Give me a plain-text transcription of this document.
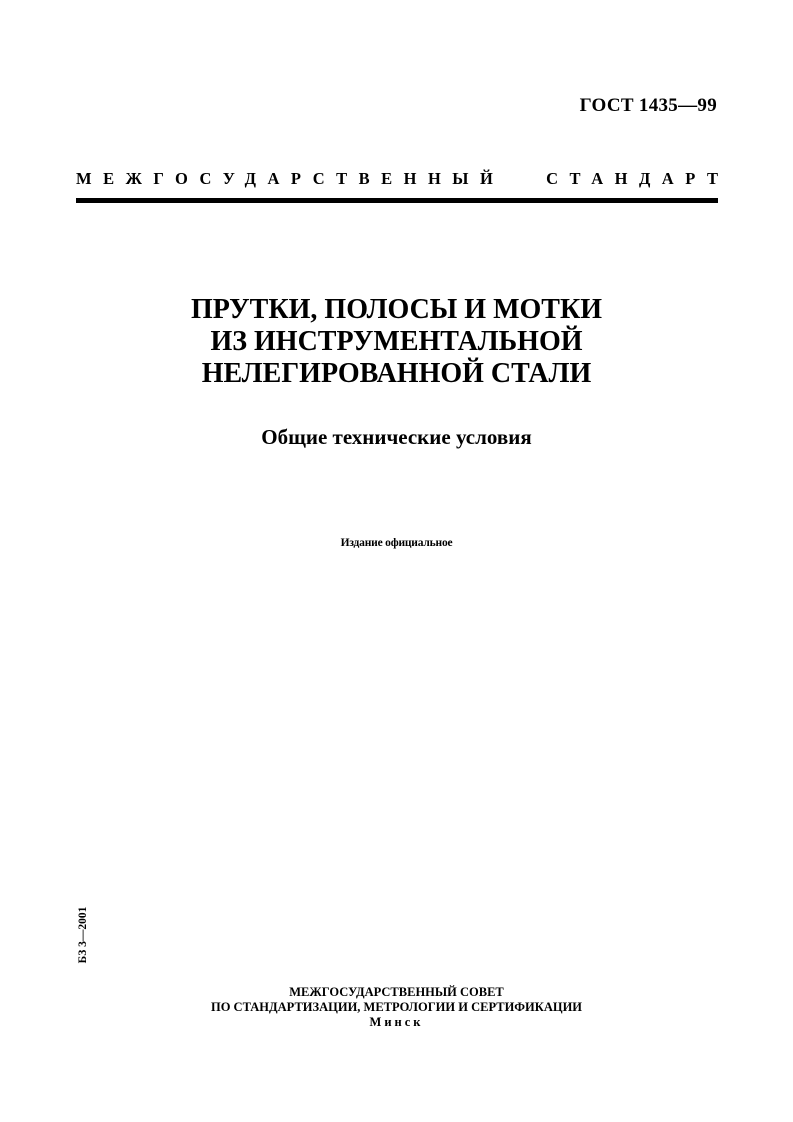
ГОСТ 1435—99
МЕЖГОСУДАРСТВЕННЫЙ	СТАНДАРТ
ПРУТКИ, ПОЛОСЫ И МОТКИ
ИЗ ИНСТРУМЕНТАЛЬНОЙ
НЕЛЕГИРОВАННОЙ СТАЛИ
Общие технические условия
Издание официальное
БЗ 3—2001
МЕЖГОСУДАРСТВЕННЫЙ СОВЕТ
ПО СТАНДАРТИЗАЦИИ, МЕТРОЛОГИИ И СЕРТИФИКАЦИИ
Минск
